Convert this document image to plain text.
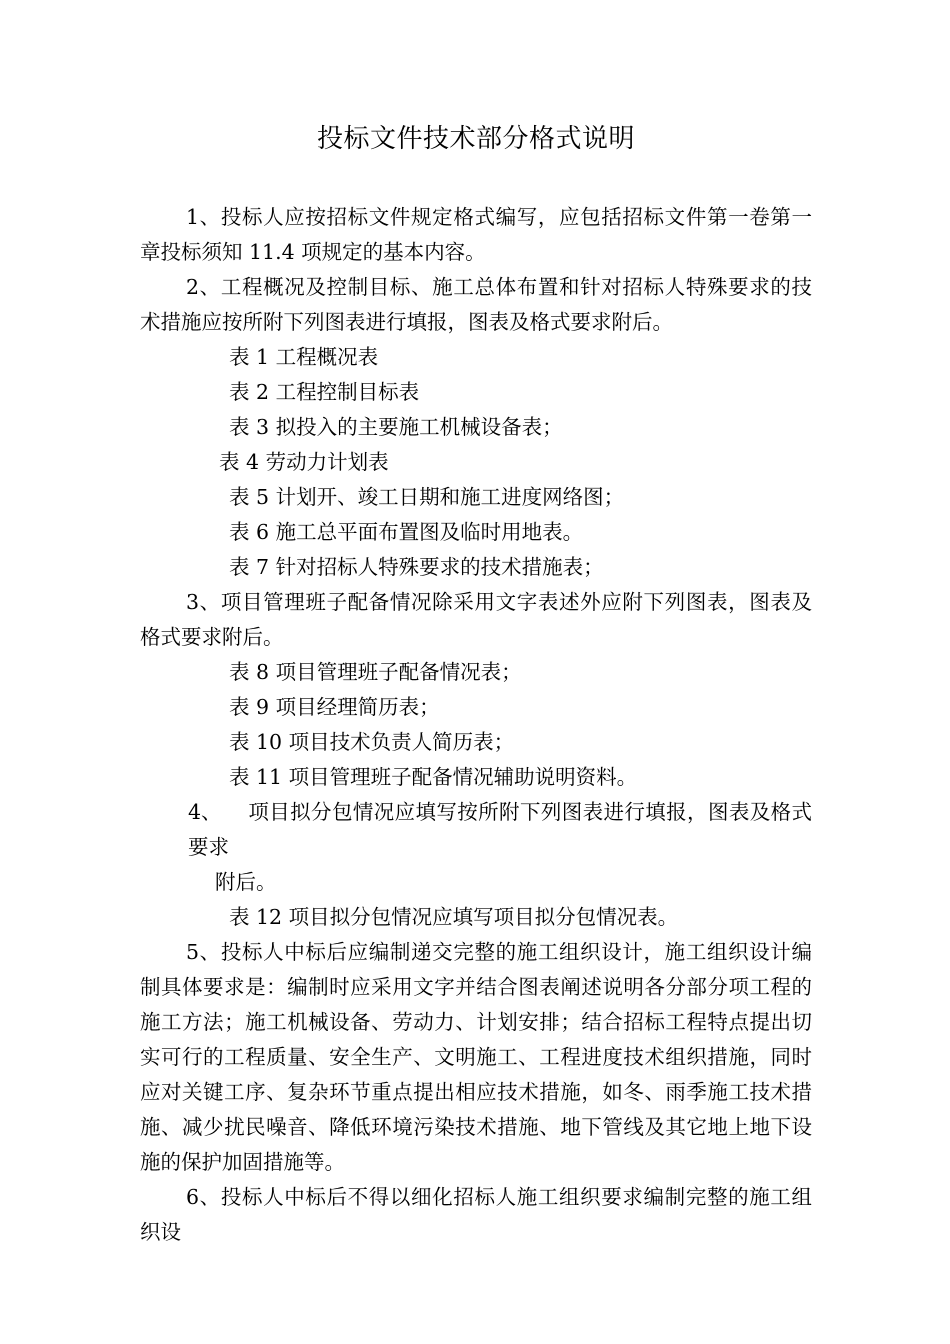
投标文件技术部分格式说明

1、投标人应按招标文件规定格式编写，应包括招标文件第一卷第一章投标须知 11.4 项规定的基本内容。

2、工程概况及控制目标、施工总体布置和针对招标人特殊要求的技术措施应按所附下列图表进行填报，图表及格式要求附后。

表 1 工程概况表

表 2 工程控制目标表

表 3 拟投入的主要施工机械设备表；

表 4 劳动力计划表

表 5 计划开、竣工日期和施工进度网络图；

表 6 施工总平面布置图及临时用地表。

表 7 针对招标人特殊要求的技术措施表；

3、项目管理班子配备情况除采用文字表述外应附下列图表，图表及格式要求附后。

表 8 项目管理班子配备情况表；

表 9 项目经理简历表；

表 10 项目技术负责人简历表；

表 11 项目管理班子配备情况辅助说明资料。

4、 项目拟分包情况应填写按所附下列图表进行填报，图表及格式要求
附后。

表 12 项目拟分包情况应填写项目拟分包情况表。

5、投标人中标后应编制递交完整的施工组织设计，施工组织设计编制具体要求是：编制时应采用文字并结合图表阐述说明各分部分项工程的施工方法；施工机械设备、劳动力、计划安排；结合招标工程特点提出切实可行的工程质量、安全生产、文明施工、工程进度技术组织措施，同时应对关键工序、复杂环节重点提出相应技术措施，如冬、雨季施工技术措施、减少扰民噪音、降低环境污染技术措施、地下管线及其它地上地下设施的保护加固措施等。

6、投标人中标后不得以细化招标人施工组织要求编制完整的施工组织设
